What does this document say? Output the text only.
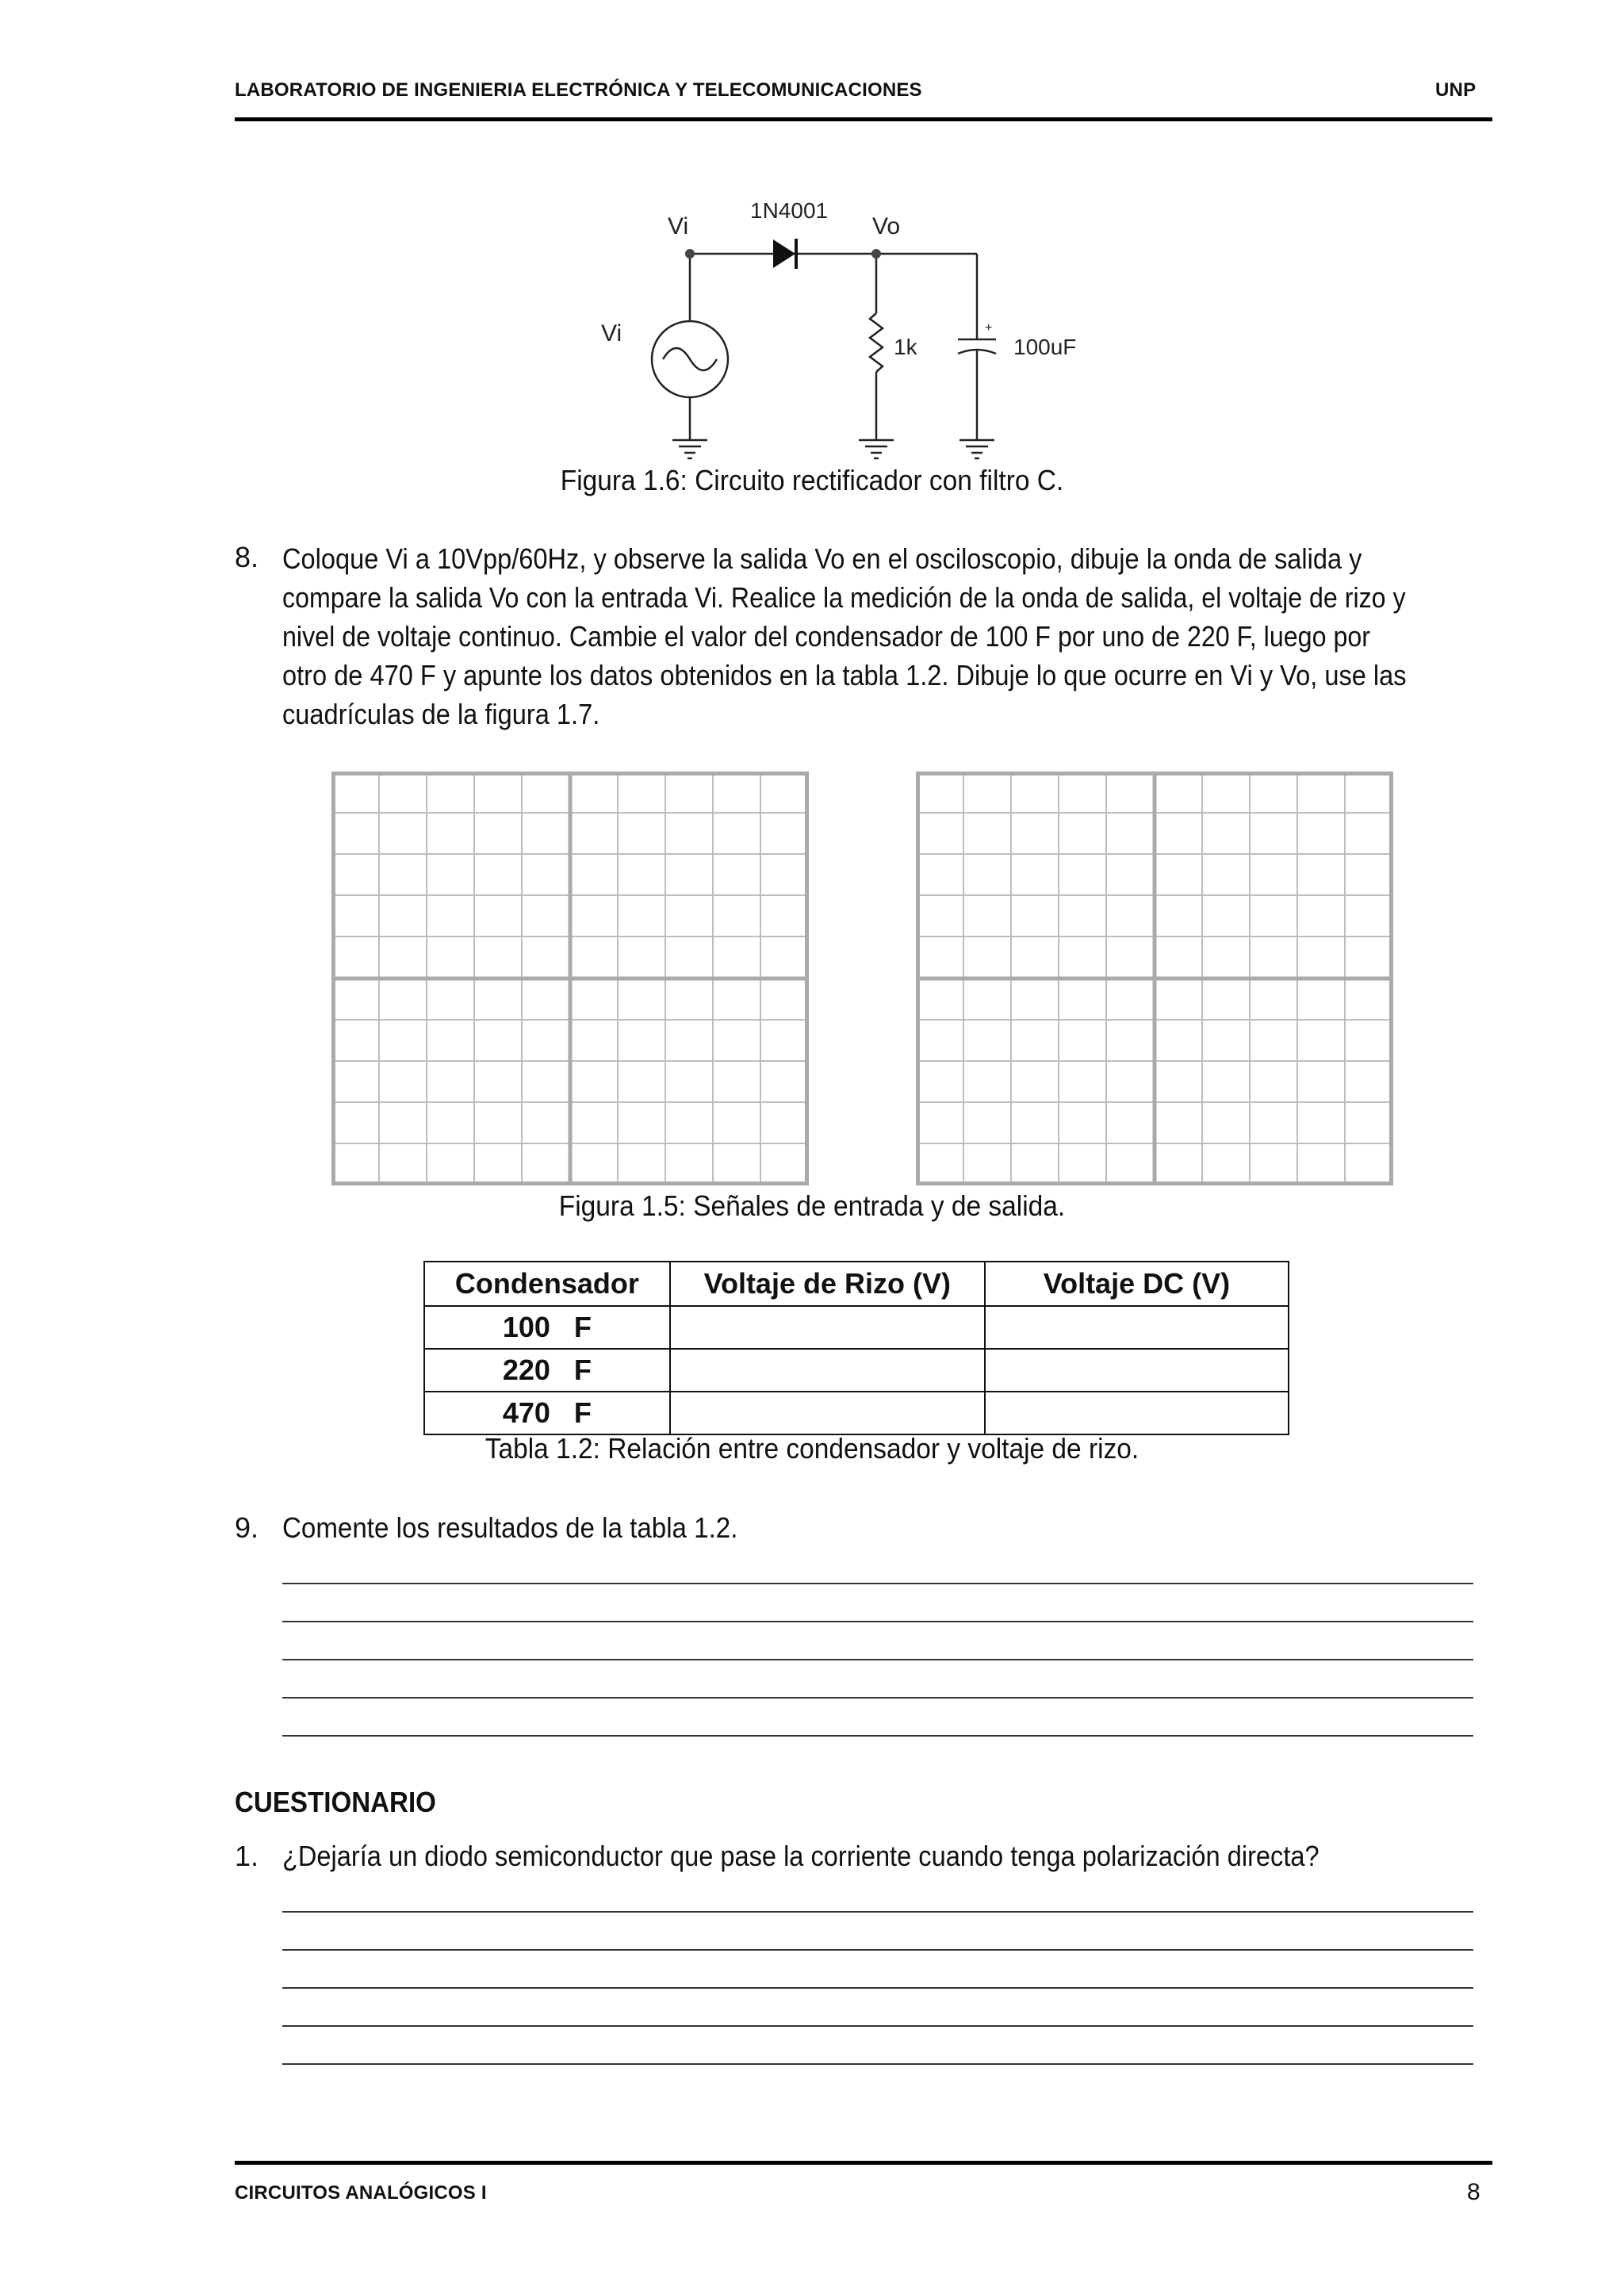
LABORATORIO DE INGENIERIA ELECTRÓNICA Y TELECOMUNICACIONES	UNP
Vi
1N4001
Vo
Vi
1k	100uF
+
Figura 1.6: Circuito rectificador con filtro C.
8. Coloque Vi a 10Vpp/60Hz, y observe la salida Vo en el osciloscopio, dibuje la onda de salida y
compare la salida Vo con la entrada Vi. Realice la medición de la onda de salida, el voltaje de rizo y
nivel de voltaje continuo. Cambie el valor del condensador de 100 F por uno de 220 F, luego por
otro de 470 F y apunte los datos obtenidos en la tabla 1.2. Dibuje lo que ocurre en Vi y Vo, use las
cuadrículas de la figura 1.7.
Figura 1.5: Señales de entrada y de salida.
Condensador	Voltaje de Rizo (V)	Voltaje DC (V)
100   F		
220   F		
470   F		
Tabla 1.2: Relación entre condensador y voltaje de rizo.
9. Comente los resultados de la tabla 1.2.
CUESTIONARIO
1. ¿Dejaría un diodo semiconductor que pase la corriente cuando tenga polarización directa?
CIRCUITOS ANALÓGICOS I	8
